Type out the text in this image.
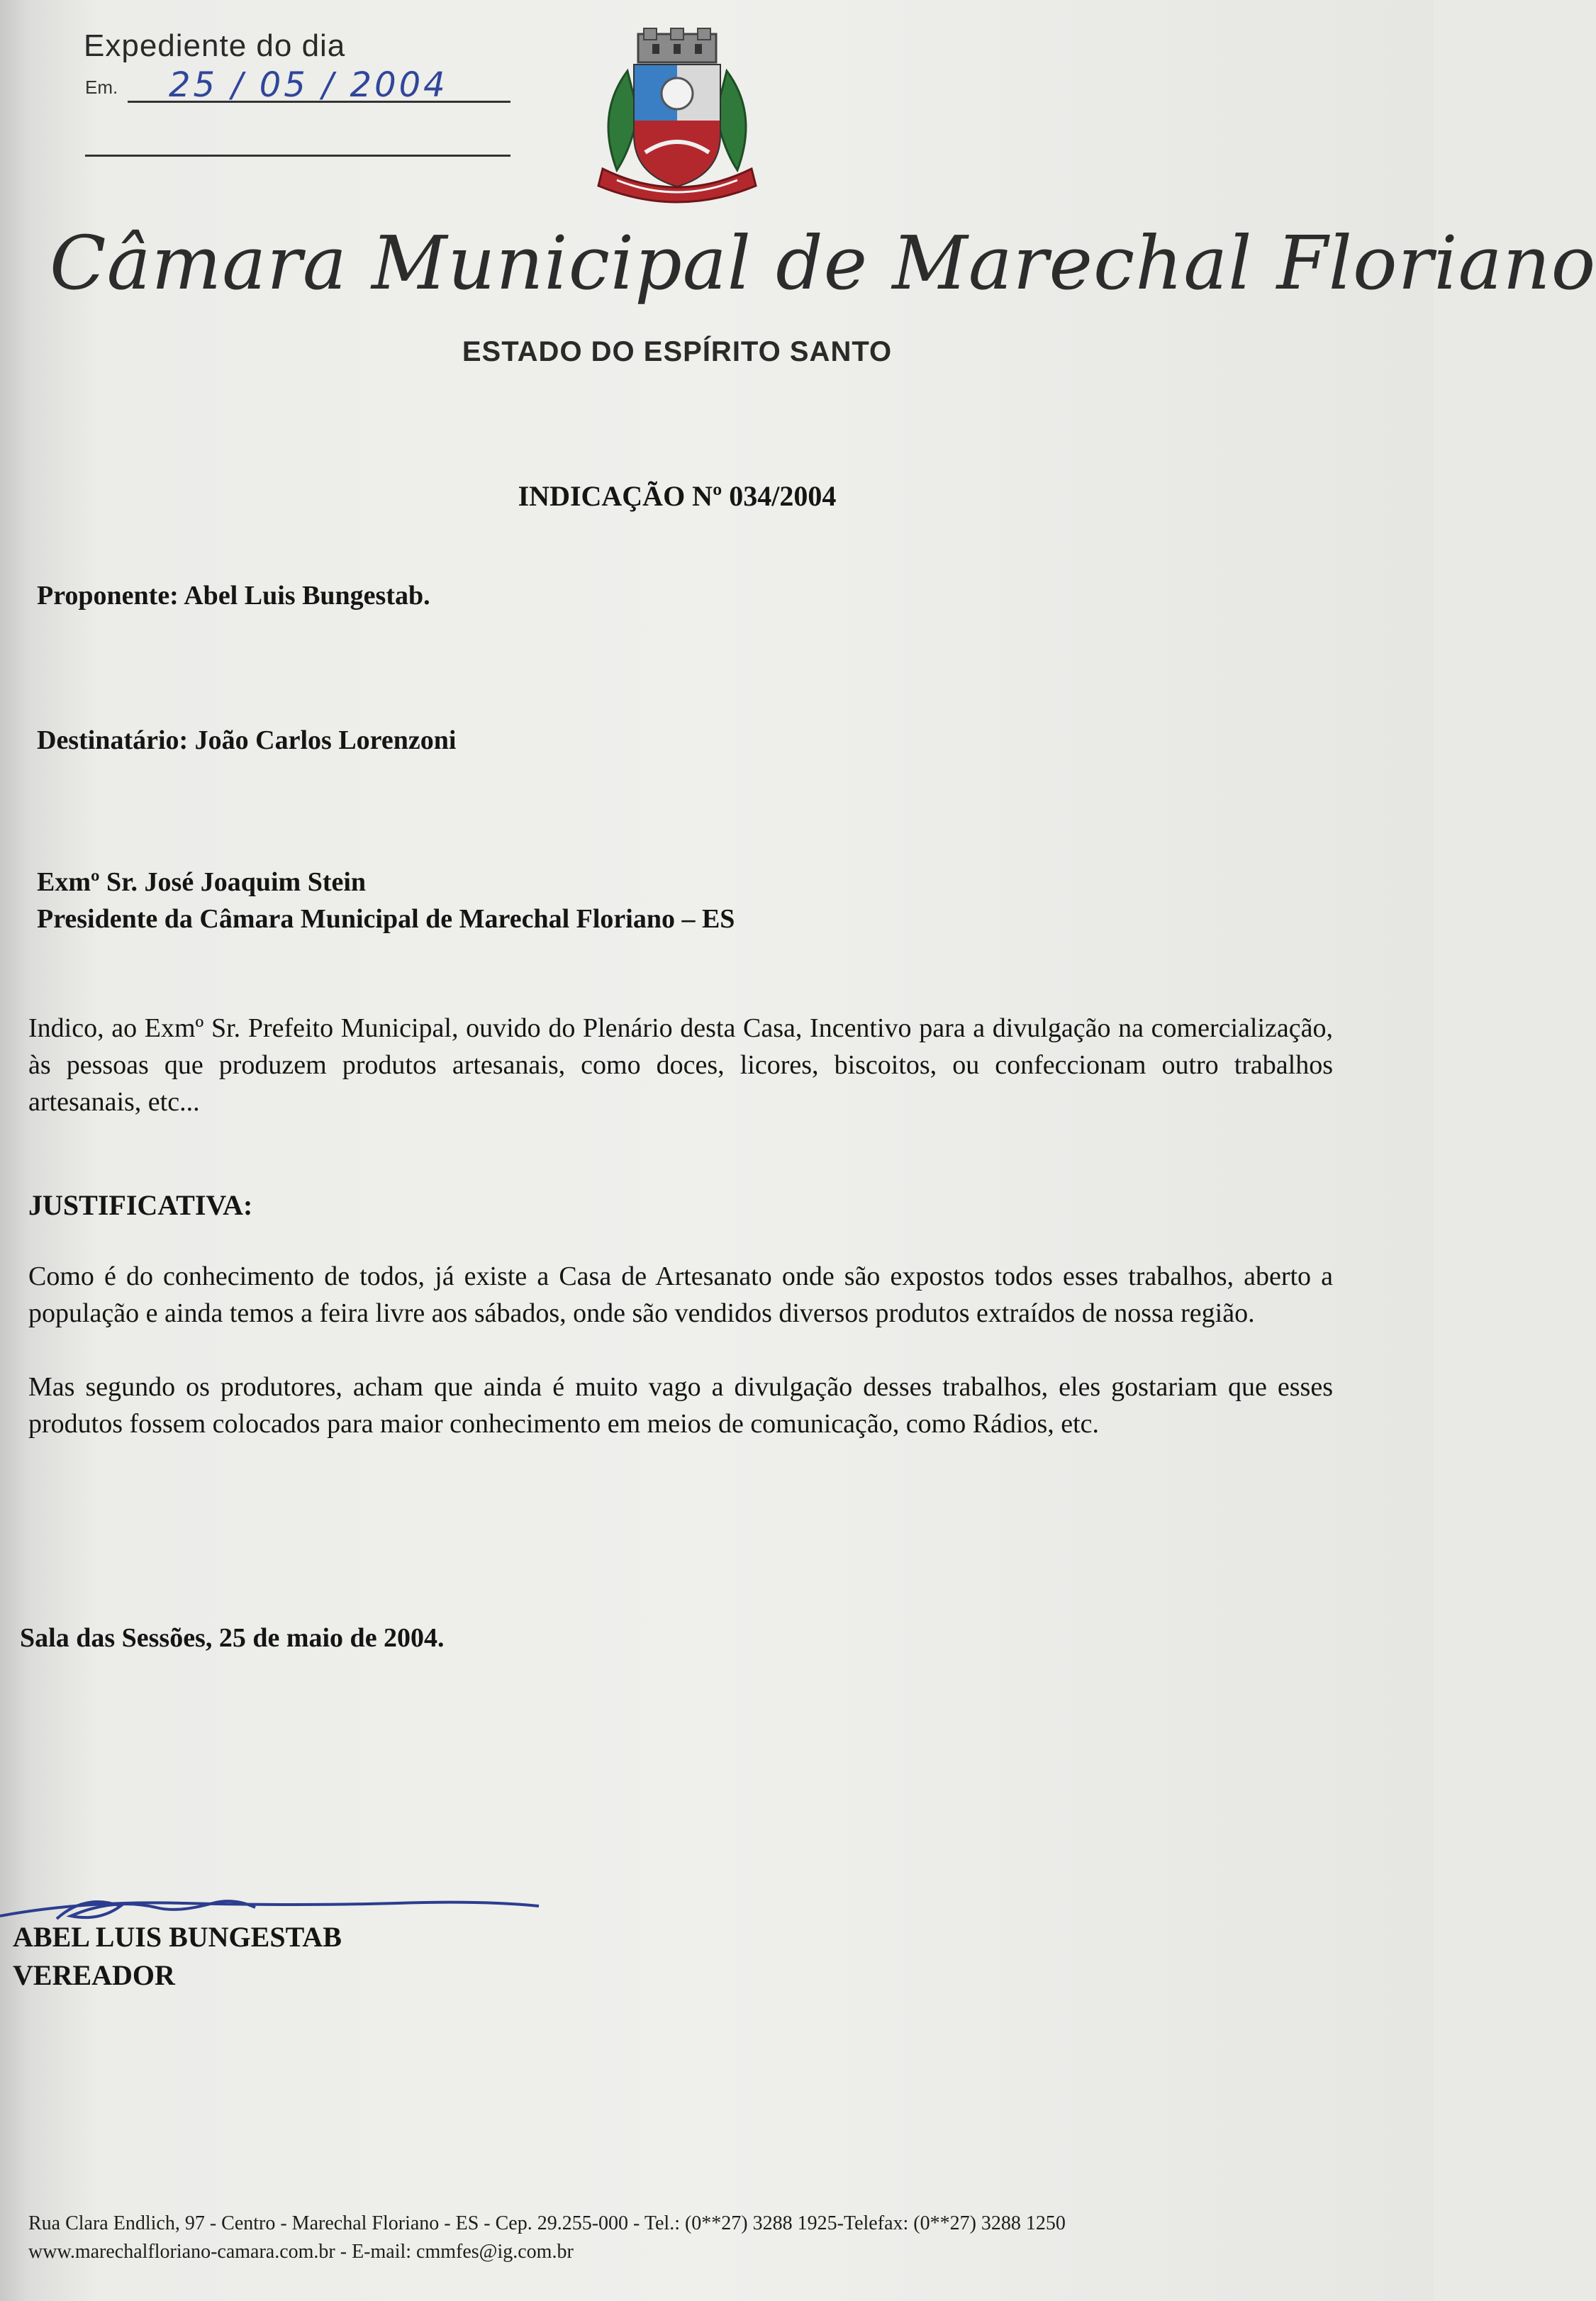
Expediente do dia
Em. 25 / 05 / 2004
Câmara Municipal de Marechal Floriano
ESTADO DO ESPÍRITO SANTO
INDICAÇÃO Nº 034/2004
Proponente: Abel Luis Bungestab.
Destinatário: João Carlos Lorenzoni
Exmº Sr. José Joaquim Stein
Presidente da Câmara Municipal de Marechal Floriano – ES
Indico, ao Exmº Sr. Prefeito Municipal, ouvido do Plenário desta Casa, Incentivo para a divulgação na comercialização, às pessoas que produzem produtos artesanais, como doces, licores, biscoitos, ou confeccionam outro trabalhos artesanais, etc...
JUSTIFICATIVA:
Como é do conhecimento de todos, já existe a Casa de Artesanato onde são expostos todos esses trabalhos, aberto a população e ainda temos a feira livre aos sábados, onde são vendidos diversos produtos extraídos de nossa região.
Mas segundo os produtores, acham que ainda é muito vago a divulgação desses trabalhos, eles gostariam que esses produtos fossem colocados para maior conhecimento em meios de comunicação, como Rádios, etc.
Sala das Sessões, 25 de maio de 2004.
ABEL LUIS BUNGESTAB
VEREADOR
Rua Clara Endlich, 97 - Centro - Marechal Floriano - ES - Cep. 29.255-000 - Tel.: (0**27) 3288 1925-Telefax: (0**27) 3288 1250
www.marechalfloriano-camara.com.br - E-mail: cmmfes@ig.com.br
